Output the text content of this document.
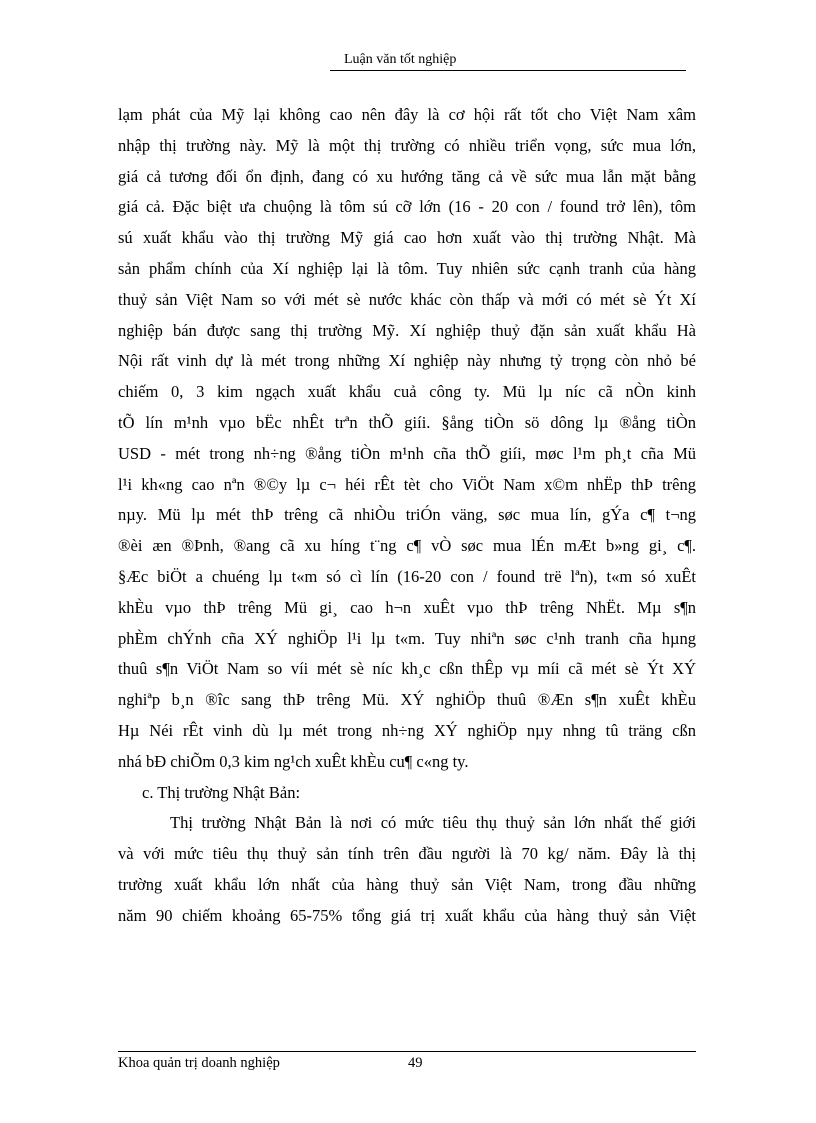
Luận văn tốt nghiệp
lạm phát của Mỹ lại không cao nên đây là cơ hội rất tốt cho Việt Nam xâm
nhập thị trường này. Mỹ là một thị trường có nhiều triển vọng, sức mua lớn,
giá cả tương đối ổn định, đang có xu hướng tăng cả về sức mua lẫn mặt bằng
giá cả. Đặc biệt ưa chuộng là tôm sú cỡ lớn (16 - 20 con / found trở lên), tôm
sú xuất khẩu vào thị trường Mỹ giá cao hơn xuất vào thị trường Nhật. Mà
sản phẩm chính của Xí nghiệp lại là tôm. Tuy nhiên sức cạnh tranh của hàng
thuỷ sản Việt Nam so với mét sè nước khác còn thấp và mới có mét sè Ýt Xí
nghiệp bán được sang thị trường Mỹ. Xí nghiệp thuỷ đặn sản xuất khẩu Hà
Nội rất vinh dự là mét trong những Xí nghiệp này nhưng tỷ trọng còn nhỏ bé
chiếm 0, 3 kim ngạch xuất khẩu cuả công ty. Mü lµ níc cã nÒn kinh
tÕ lín m¹nh vµo bËc nhÊt trªn thÕ giíi. §ång tiÒn sö dông lµ ®ång tiÒn
USD - mét trong nh÷ng ®ång tiÒn m¹nh cña thÕ giíi, møc l¹m ph¸t cña Mü
l¹i kh«ng cao nªn ®©y lµ c¬ héi rÊt tèt cho ViÖt Nam x©m nhËp thÞ trêng
nµy. Mü lµ mét thÞ trêng cã nhiÒu triÓn väng, søc mua lín, gÝa c¶ t¬ng
®èi æn ®Þnh, ®ang cã xu híng t¨ng c¶ vÒ søc mua lÉn mÆt b»ng gi¸ c¶.
§Æc biÖt a chuéng lµ t«m só cì lín (16-20 con / found trë lªn), t«m só xuÊt
khÈu vµo thÞ trêng Mü gi¸ cao h¬n xuÊt vµo thÞ trêng NhËt. Mµ s¶n
phÈm chÝnh cña XÝ nghiÖp l¹i lµ t«m. Tuy nhiªn søc c¹nh tranh cña hµng
thuû s¶n ViÖt Nam so víi mét sè níc kh¸c cßn thÊp vµ míi cã mét sè Ýt XÝ
nghiªp b¸n ®îc sang thÞ trêng Mü. XÝ nghiÖp thuû ®Æn s¶n xuÊt khÈu
Hµ Néi rÊt vinh dù lµ mét trong nh÷ng XÝ nghiÖp nµy nhng tû träng cßn
nhá bÐ chiÕm 0,3 kim ng¹ch xuÊt khÈu cu¶ c«ng ty.
c. Thị trường Nhật Bản:
Thị trường Nhật Bản là nơi có mức tiêu thụ thuỷ sản lớn nhất thế giới
và với mức tiêu thụ thuỷ sản tính trên đầu người là 70 kg/ năm. Đây là thị
trường xuất khẩu lớn nhất của hàng thuỷ sản Việt Nam, trong đầu những
năm 90 chiếm khoảng 65-75% tổng giá trị xuất khẩu của hàng thuỷ sản Việt
Khoa quản trị doanh nghiệp	49
